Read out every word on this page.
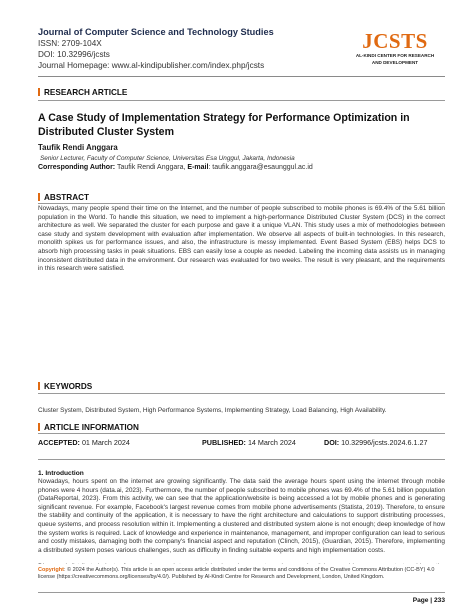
Journal of Computer Science and Technology Studies
ISSN: 2709-104X
DOI: 10.32996/jcsts
Journal Homepage: www.al-kindipublisher.com/index.php/jcsts
JCSTS
AL-KINDI CENTER FOR RESEARCH
AND DEVELOPMENT
RESEARCH ARTICLE
A Case Study of Implementation Strategy for Performance Optimization in Distributed Cluster System
Taufik Rendi Anggara
Senior Lecturer, Faculty of Computer Science, Universitas Esa Unggul, Jakarta, Indonesia
Corresponding Author: Taufik Rendi Anggara, E-mail: taufik.anggara@esaunggul.ac.id
ABSTRACT
Nowadays, many people spend their time on the Internet, and the number of people subscribed to mobile phones is 69.4% of the 5.61 billion population in the World. To handle this situation, we need to implement a high-performance Distributed Cluster System (DCS) in the correct architecture as well. We separated the cluster for each purpose and gave it a unique VLAN. This study uses a mix of methodologies between case study and system development with evaluation after implementation. We observe all aspects of built-in technologies. In this research, monolith spikes us for performance issues, and also, the infrastructure is messy implemented. Event Based System (EBS) helps DCS to absorb high processing tasks in peak situations. EBS can easily lose a couple as needed. Labeling the incoming data assists us in managing inconsistent distributed data in the environment. Our research was evaluated for two weeks. The result is very pleasant, and the requirements in this research were satisfied.
KEYWORDS
Cluster System, Distributed System, High Performance Systems, Implementing Strategy, Load Balancing, High Availability.
ARTICLE INFORMATION
ACCEPTED: 01 March 2024	PUBLISHED: 14 March 2024	DOI: 10.32996/jcsts.2024.6.1.27
1. Introduction
Nowadays, hours spent on the internet are growing significantly. The data said the average hours spent using the internet through mobile phones were 4 hours (data.ai, 2023). Furthermore, the number of people subscribed to mobile phones was 69.4% of the 5.61 billion population (DataReportal, 2023). From this activity, we can see that the application/website is being accessed a lot by mobile phones and is generating significant revenue. For example, Facebook's largest revenue comes from mobile phone advertisements (Statista, 2019). Therefore, to ensure the stability and continuity of the application, it is necessary to have the right architecture and calculations to support distributing processes, queue systems, and process resolution within it. Implementing a clustered and distributed system alone is not enough; deep knowledge of how the system works is required. Lack of knowledge and experience in maintenance, management, and improper configuration can lead to serious and costly mistakes, damaging both the company's financial aspect and reputation (Clinch, 2015), (Guardian, 2015). Therefore, implementing a distributed system poses various challenges, such as difficulty in finding suitable experts and high implementation costs.
Copyright: © 2024 the Author(s). This article is an open access article distributed under the terms and conditions of the Creative Commons Attribution (CC-BY) 4.0 license (https://creativecommons.org/licenses/by/4.0/). Published by Al-Kindi Centre for Research and Development, London, United Kingdom.
Page | 233
